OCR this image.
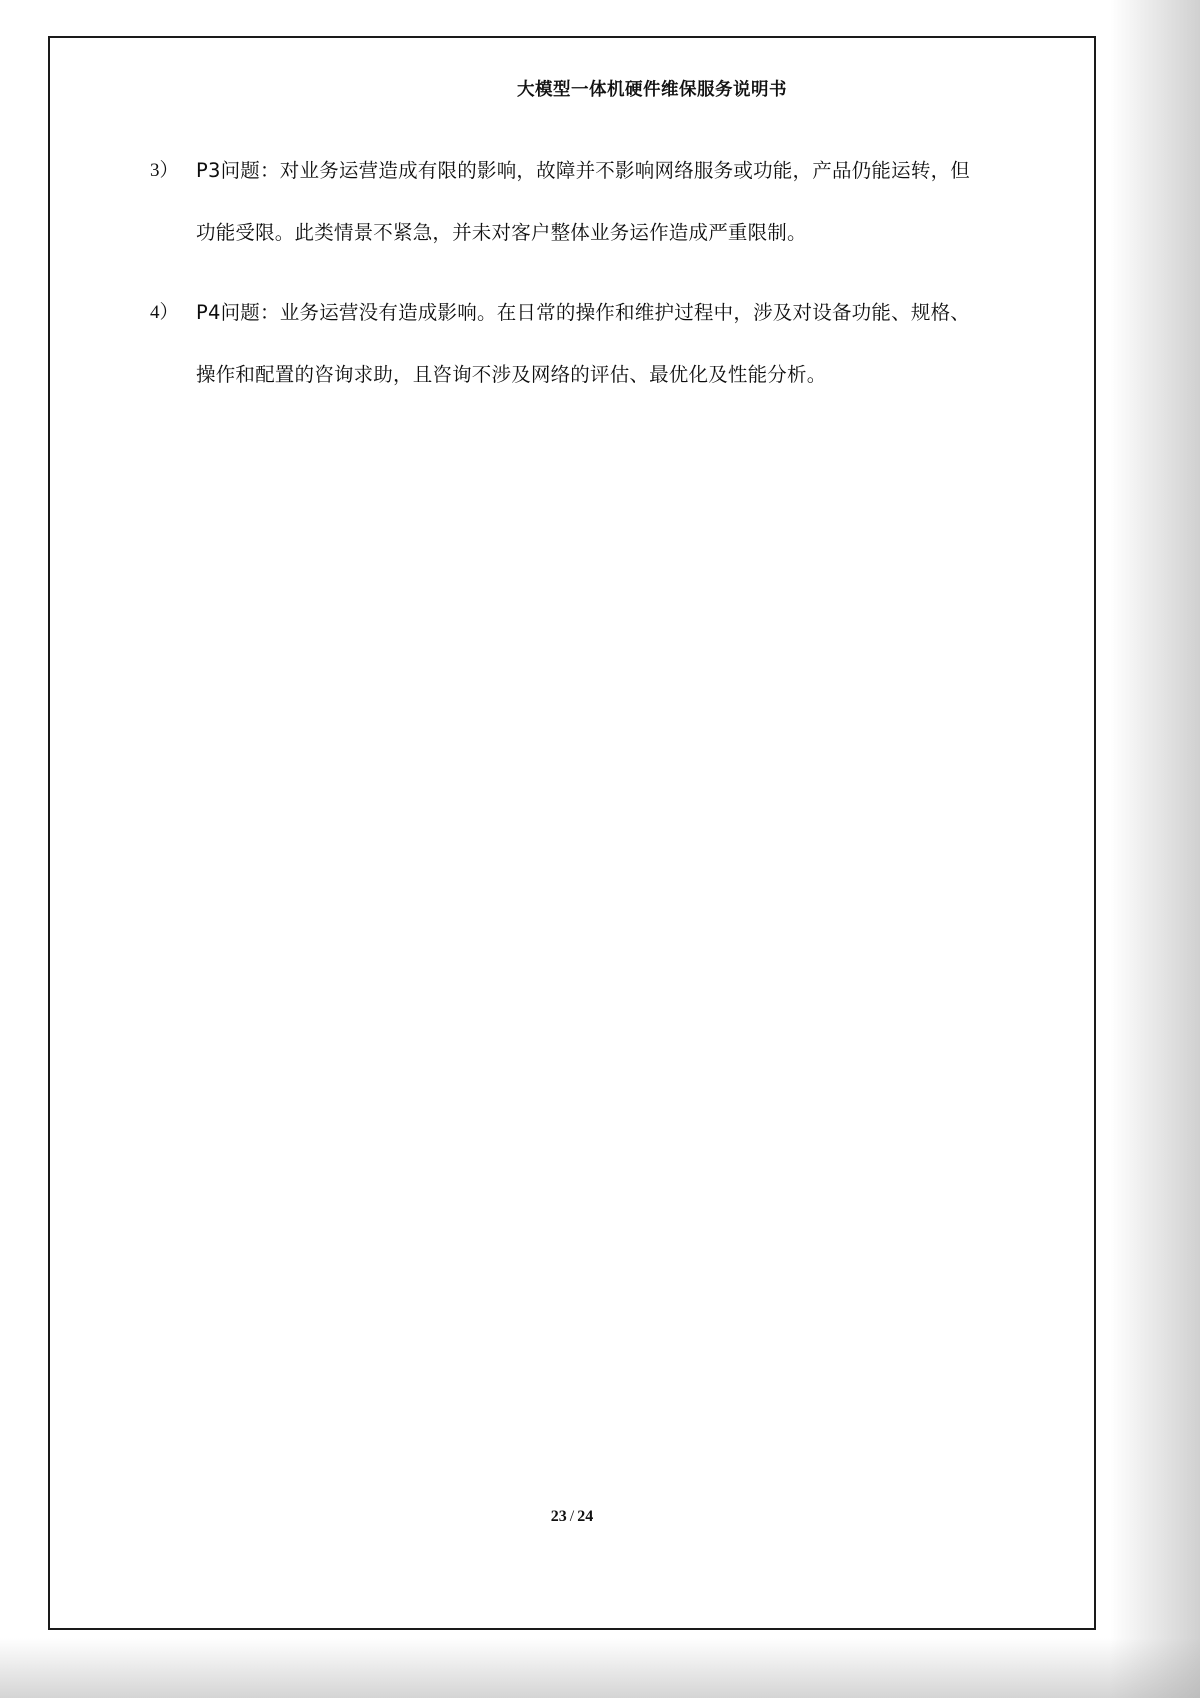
大模型一体机硬件维保服务说明书
3） P3问题：对业务运营造成有限的影响，故障并不影响网络服务或功能，产品仍能运转，但功能受限。此类情景不紧急，并未对客户整体业务运作造成严重限制。
4） P4问题：业务运营没有造成影响。在日常的操作和维护过程中，涉及对设备功能、规格、操作和配置的咨询求助，且咨询不涉及网络的评估、最优化及性能分析。
23 / 24
